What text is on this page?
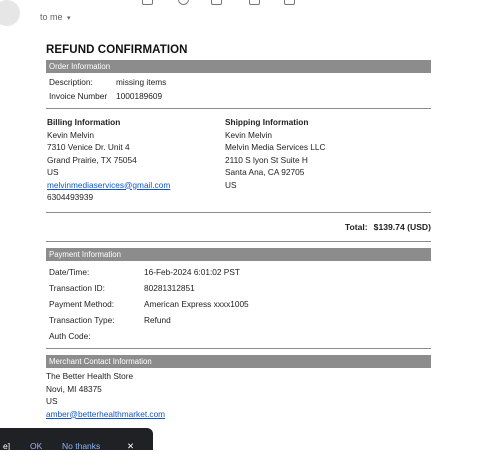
to me ▾
REFUND CONFIRMATION
Order Information
Description:	missing items
Invoice Number 1000189609
Billing Information
Kevin Melvin
7310 Venice Dr. Unit 4
Grand Prairie, TX 75054
US
melvinmediaservices@gmail.com
6304493939
Shipping Information
Kevin Melvin
Melvin Media Services LLC
2110 S lyon St Suite H
Santa Ana, CA 92705
US
Total: $139.74 (USD)
Payment Information
Date/Time:	16-Feb-2024 6:01:02 PST
Transaction ID:	80281312851
Payment Method:	American Express xxxx1005
Transaction Type:	Refund
Auth Code:
Merchant Contact Information
The Better Health Store
Novi, MI 48375
US
amber@betterhealthmarket.com
e] OK No thanks	✕
